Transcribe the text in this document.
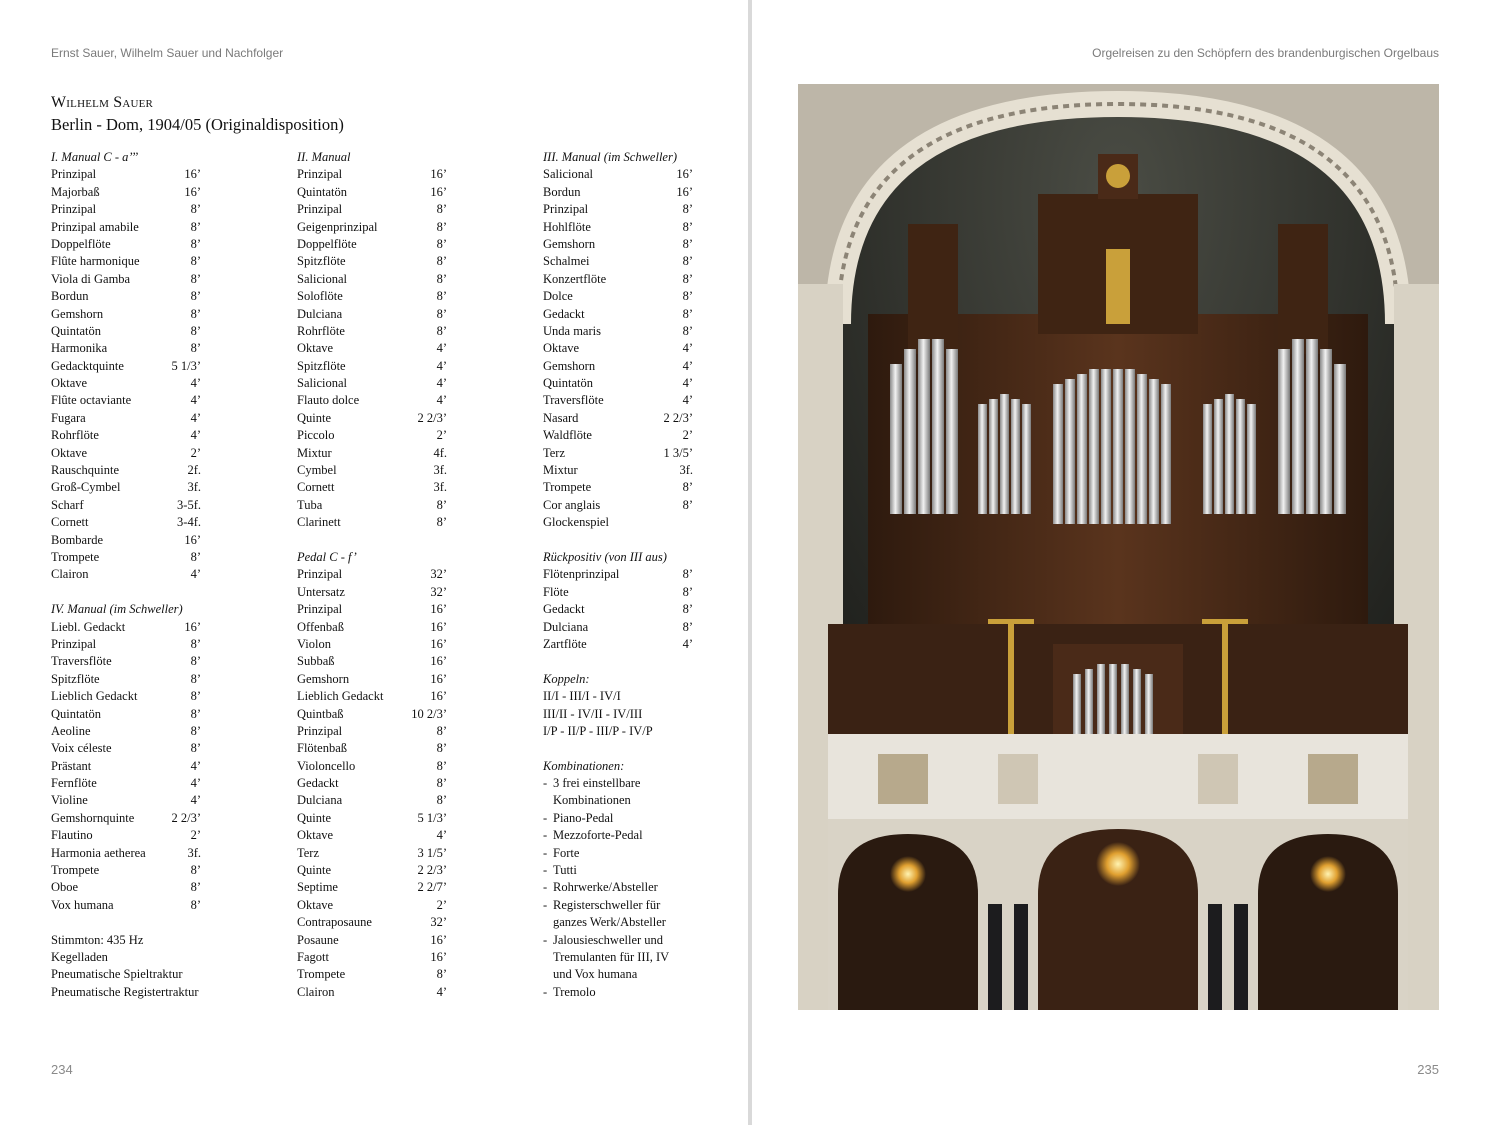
Ernst Sauer, Wilhelm Sauer und Nachfolger
Wilhelm Sauer
Berlin - Dom, 1904/05 (Originaldisposition)
I. Manual C - a’’’
Prinzipal	16’
Majorbaß	16’
Prinzipal	8’
Prinzipal amabile	8’
Doppelflöte	8’
Flûte harmonique	8’
Viola di Gamba	8’
Bordun	8’
Gemshorn	8’
Quintatön	8’
Harmonika	8’
Gedacktquinte	5 1/3’
Oktave	4’
Flûte octaviante	4’
Fugara	4’
Rohrflöte	4’
Oktave	2’
Rauschquinte	2f.
Groß-Cymbel	3f.
Scharf	3-5f.
Cornett	3-4f.
Bombarde	16’
Trompete	8’
Clairon	4’
IV. Manual (im Schweller)
Liebl. Gedackt	16’
Prinzipal	8’
Traversflöte	8’
Spitzflöte	8’
Lieblich Gedackt	8’
Quintatön	8’
Aeoline	8’
Voix céleste	8’
Prästant	4’
Fernflöte	4’
Violine	4’
Gemshornquinte	2 2/3’
Flautino	2’
Harmonia aetherea	3f.
Trompete	8’
Oboe	8’
Vox humana	8’
Stimmton: 435 Hz
Kegelladen
Pneumatische Spieltraktur
Pneumatische Registertraktur
II. Manual
Prinzipal	16’
Quintatön	16’
Prinzipal	8’
Geigenprinzipal	8’
Doppelflöte	8’
Spitzflöte	8’
Salicional	8’
Soloflöte	8’
Dulciana	8’
Rohrflöte	8’
Oktave	4’
Spitzflöte	4’
Salicional	4’
Flauto dolce	4’
Quinte	2 2/3’
Piccolo	2’
Mixtur	4f.
Cymbel	3f.
Cornett	3f.
Tuba	8’
Clarinett	8’
Pedal C - f’
Prinzipal	32’
Untersatz	32’
Prinzipal	16’
Offenbaß	16’
Violon	16’
Subbaß	16’
Gemshorn	16’
Lieblich Gedackt	16’
Quintbaß	10 2/3’
Prinzipal	8’
Flötenbaß	8’
Violoncello	8’
Gedackt	8’
Dulciana	8’
Quinte	5 1/3’
Oktave	4’
Terz	3 1/5’
Quinte	2 2/3’
Septime	2 2/7’
Oktave	2’
Contraposaune	32’
Posaune	16’
Fagott	16’
Trompete	8’
Clairon	4’
III. Manual (im Schweller)
Salicional	16’
Bordun	16’
Prinzipal	8’
Hohlflöte	8’
Gemshorn	8’
Schalmei	8’
Konzertflöte	8’
Dolce	8’
Gedackt	8’
Unda maris	8’
Oktave	4’
Gemshorn	4’
Quintatön	4’
Traversflöte	4’
Nasard	2 2/3’
Waldflöte	2’
Terz	1 3/5’
Mixtur	3f.
Trompete	8’
Cor anglais	8’
Glockenspiel
Rückpositiv (von III aus)
Flötenprinzipal	8’
Flöte	8’
Gedackt	8’
Dulciana	8’
Zartflöte	4’
Koppeln:
II/I - III/I - IV/I
III/II - IV/II - IV/III
I/P - II/P - III/P - IV/P
Kombinationen:
- 3 frei einstellbare
Kombinationen
- Piano-Pedal
- Mezzoforte-Pedal
- Forte
- Tutti
- Rohrwerke/Absteller
- Registerschweller für
ganzes Werk/Absteller
- Jalousieschweller und
Tremulanten für III, IV
und Vox humana
- Tremolo
234
Orgelreisen zu den Schöpfern des brandenburgischen Orgelbaus
235
